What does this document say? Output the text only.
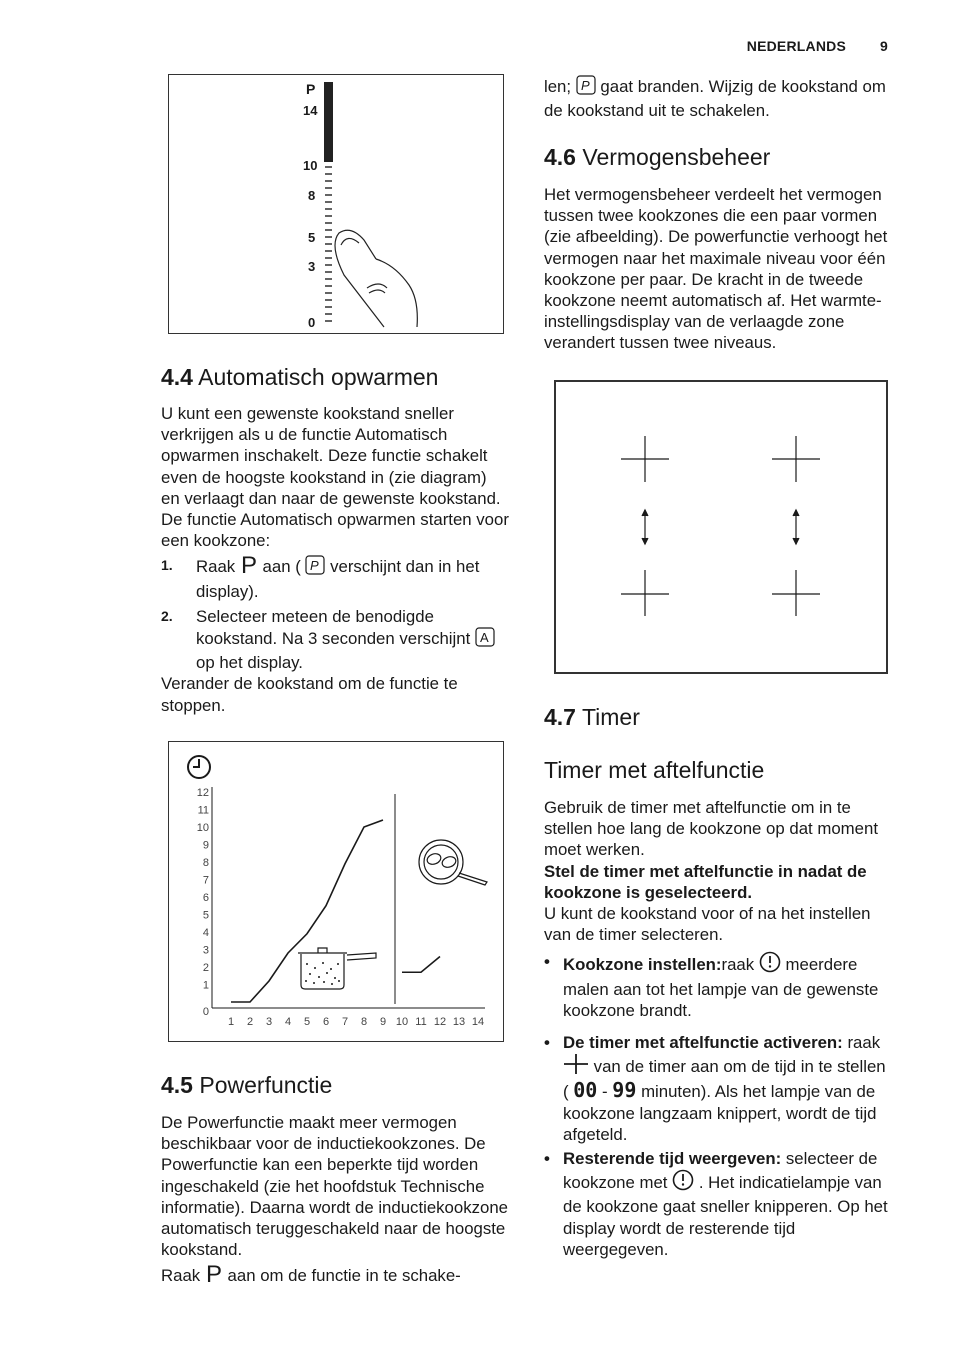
NEDERLANDS 9
P
14
10
8
5
3
0
4.4 Automatisch opwarmen

U kunt een gewenste kookstand sneller verkrijgen als u de functie Automatisch opwarmen inschakelt. Deze functie schakelt even de hoogste kookstand in (zie diagram) en verlaagt dan naar de gewenste kookstand.

De functie Automatisch opwarmen starten voor een kookzone:

1. Raak P aan ( P verschijnt dan in het display).
2. Selecteer meteen de benodigde kookstand. Na 3 seconden verschijnt A
op het display.

Verander de kookstand om de functie te stoppen.

0
1
2
3
4
5
6
7
8
9
10
11
12
1 2 3 4 5 6 7 8 9 10 11 12 13 14
4.5 Powerfunctie

De Powerfunctie maakt meer vermogen beschikbaar voor de inductiekookzones. De Powerfunctie kan een beperkte tijd worden ingeschakeld (zie het hoofdstuk Technische informatie). Daarna wordt de inductiekookzone automatisch teruggeschakeld naar de hoogste kookstand.

Raak P aan om de functie in te schake-

len; P gaat branden. Wijzig de kookstand om de kookstand uit te schakelen.

4.6 Vermogensbeheer

Het vermogensbeheer verdeelt het vermogen tussen twee kookzones die een paar vormen (zie afbeelding). De powerfunctie verhoogt het vermogen naar het maximale niveau voor één kookzone per paar. De kracht in de tweede kookzone neemt automatisch af. Het warmte-instellingsdisplay van de verlaagde zone verandert tussen twee niveaus.

4.7 Timer
Timer met aftelfunctie

Gebruik de timer met aftelfunctie om in te stellen hoe lang de kookzone op dat moment moet werken.

Stel de timer met aftelfunctie in nadat de kookzone is geselecteerd.

U kunt de kookstand voor of na het instellen van de timer selecteren.

• Kookzone instellen:raak meerdere malen aan tot het lampje van de gewenste kookzone brandt.
• De timer met aftelfunctie activeren: raak  van de timer aan om de tijd in te stellen ( 00 - 99 minuten). Als het lampje van de kookzone langzaam knippert, wordt de tijd afgeteld.
• Resterende tijd weergeven: selecteer de kookzone met . Het indicatielampje van de kookzone gaat sneller knipperen. Op het display wordt de resterende tijd weergegeven.
